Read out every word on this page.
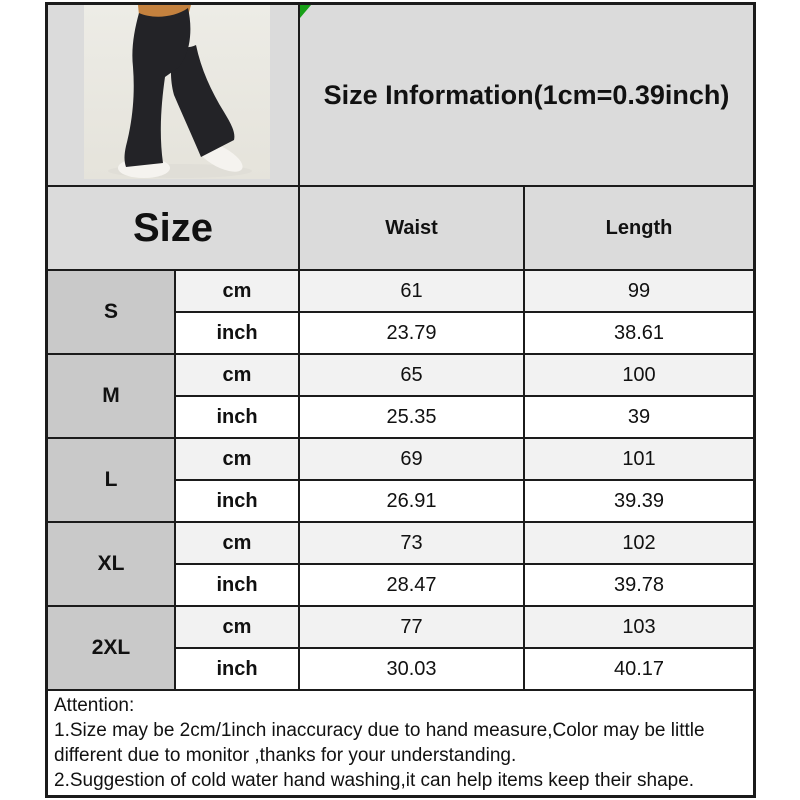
Size Information(1cm=0.39inch)
Size	Waist	Length
S
cm	61	99
inch	23.79	38.61
M
cm	65	100
inch	25.35	39
L
cm	69	101
inch	26.91	39.39
XL
cm	73	102
inch	28.47	39.78
2XL
cm	77	103
inch	30.03	40.17

Attention:

1.Size may be 2cm/1inch inaccuracy due to hand measure,Color may be little different due to monitor ,thanks for your understanding.

2.Suggestion of cold water hand washing,it can help items keep their shape.
